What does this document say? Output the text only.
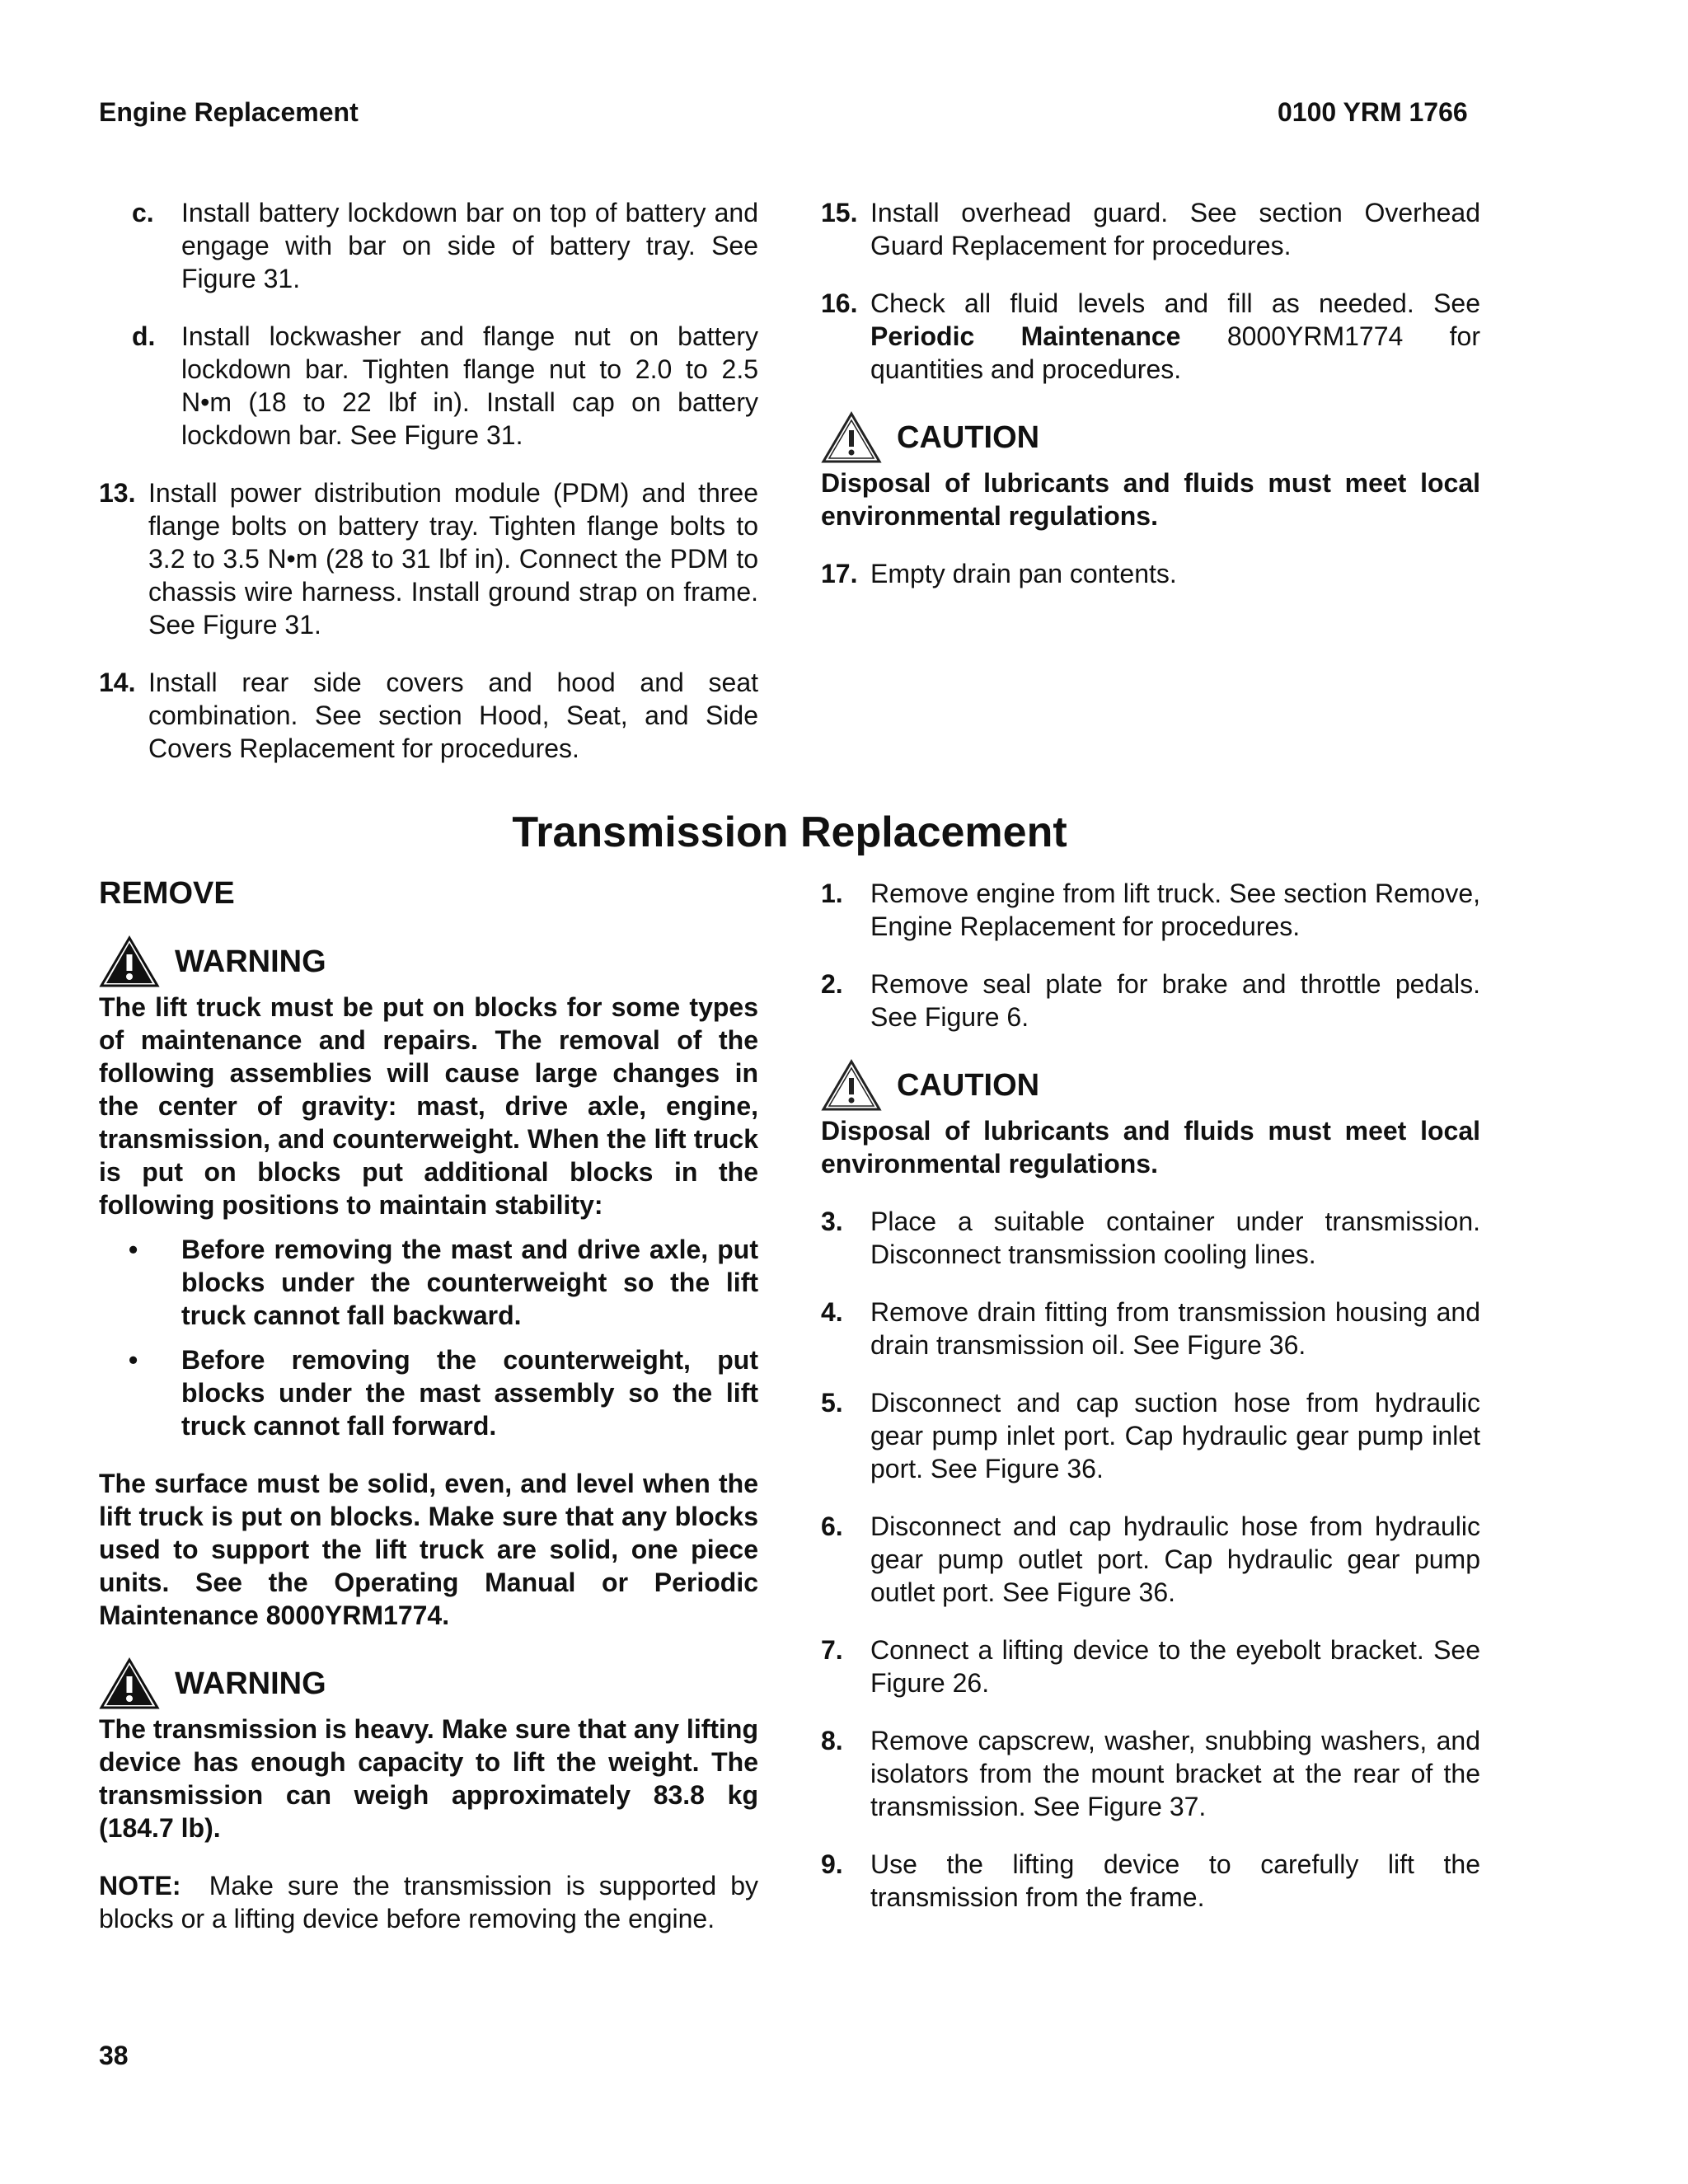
Engine Replacement	0100 YRM 1766
c.	Install battery lockdown bar on top of battery and engage with bar on side of battery tray. See Figure 31.
d. Install lockwasher and flange nut on battery lockdown bar. Tighten flange nut to 2.0 to 2.5 N•m (18 to 22 lbf in). Install cap on battery lockdown bar. See Figure 31.
13. Install power distribution module (PDM) and three flange bolts on battery tray. Tighten flange bolts to 3.2 to 3.5 N•m (28 to 31 lbf in). Connect the PDM to chassis wire harness. Install ground strap on frame. See Figure 31.
14. Install rear side covers and hood and seat combination. See section Hood, Seat, and Side Covers Replacement for procedures.
15. Install overhead guard. See section Overhead Guard Replacement for procedures.
16. Check all fluid levels and fill as needed. See Periodic Maintenance 8000YRM1774 for quantities and procedures.
CAUTION
Disposal of lubricants and fluids must meet local environmental regulations.
17. Empty drain pan contents.
Transmission Replacement
REMOVE
WARNING
The lift truck must be put on blocks for some types of maintenance and repairs. The removal of the following assemblies will cause large changes in the center of gravity: mast, drive axle, engine, transmission, and counterweight. When the lift truck is put on blocks put additional blocks in the following positions to maintain stability:
•	Before removing the mast and drive axle, put blocks under the counterweight so the lift truck cannot fall backward.
•	Before removing the counterweight, put blocks under the mast assembly so the lift truck cannot fall forward.
The surface must be solid, even, and level when the lift truck is put on blocks. Make sure that any blocks used to support the lift truck are solid, one piece units. See the Operating Manual or Periodic Maintenance 8000YRM1774.
WARNING
The transmission is heavy. Make sure that any lifting device has enough capacity to lift the weight. The transmission can weigh approximately 83.8 kg (184.7 lb).
NOTE: Make sure the transmission is supported by blocks or a lifting device before removing the engine.
1.	Remove engine from lift truck. See section Remove, Engine Replacement for procedures.
2.	Remove seal plate for brake and throttle pedals. See Figure 6.
CAUTION
Disposal of lubricants and fluids must meet local environmental regulations.
3.	Place a suitable container under transmission. Disconnect transmission cooling lines.
4.	Remove drain fitting from transmission housing and drain transmission oil. See Figure 36.
5.	Disconnect and cap suction hose from hydraulic gear pump inlet port. Cap hydraulic gear pump inlet port. See Figure 36.
6.	Disconnect and cap hydraulic hose from hydraulic gear pump outlet port. Cap hydraulic gear pump outlet port. See Figure 36.
7.	Connect a lifting device to the eyebolt bracket. See Figure 26.
8.	Remove capscrew, washer, snubbing washers, and isolators from the mount bracket at the rear of the transmission. See Figure 37.
9.	Use the lifting device to carefully lift the transmission from the frame.
38
